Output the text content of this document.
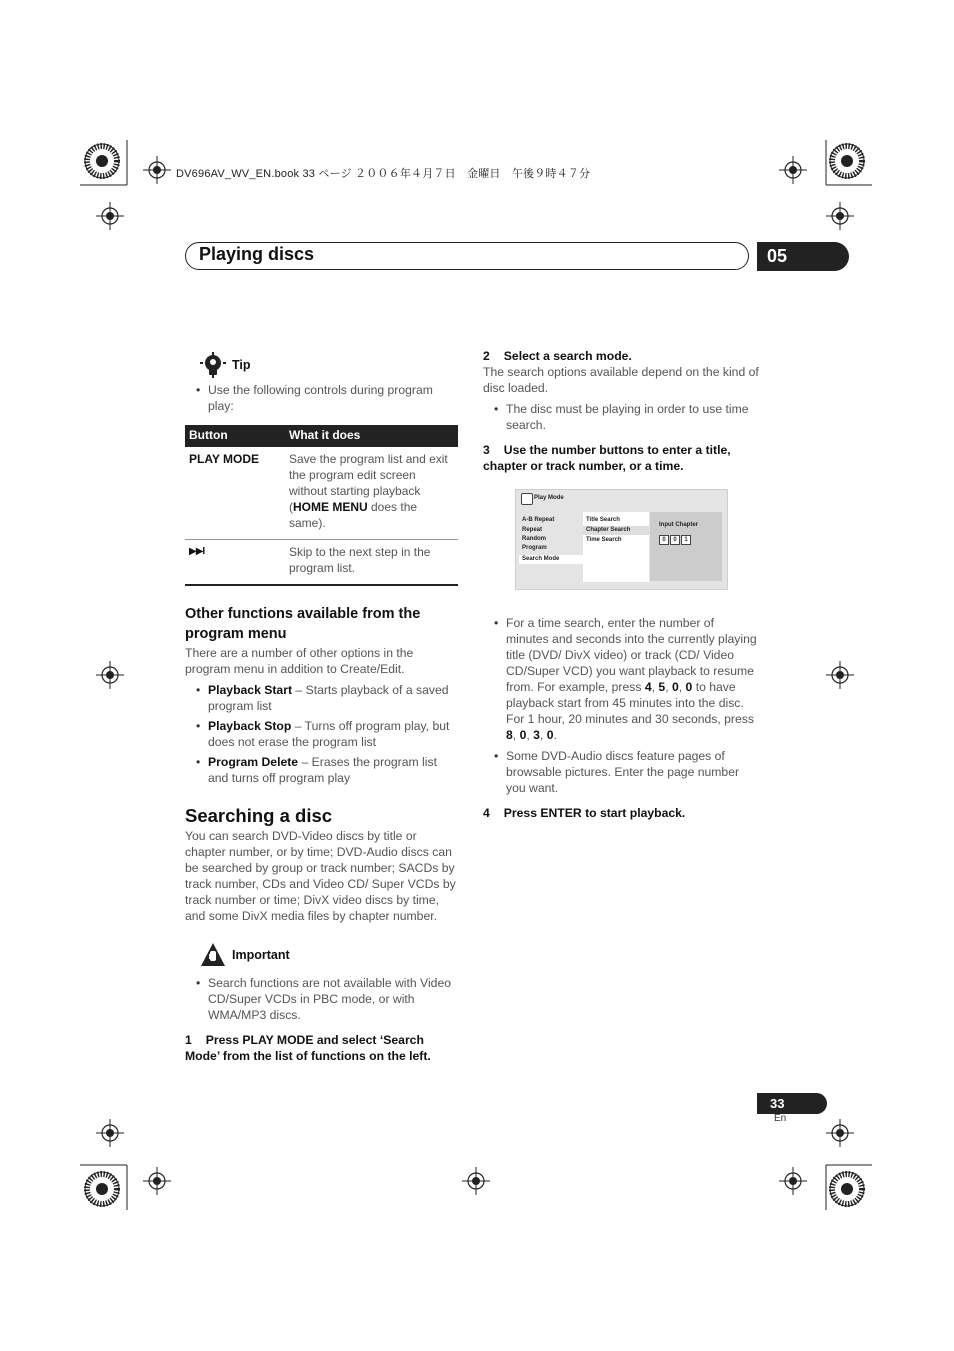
DV696AV_WV_EN.book 33 ページ ２００６年４月７日　金曜日　午後９時４７分
Playing discs	05
Tip
• Use the following controls during program play:
Button	What it does
PLAY MODE	Save the program list and exit the program edit screen without starting playback (HOME MENU does the same).
▶▶I	Skip to the next step in the program list.
Other functions available from the program menu

There are a number of other options in the program menu in addition to Create/Edit.

• Playback Start – Starts playback of a saved program list
• Playback Stop – Turns off program play, but does not erase the program list
• Program Delete – Erases the program list and turns off program play
Searching a disc

You can search DVD-Video discs by title or chapter number, or by time; DVD-Audio discs can be searched by group or track number; SACDs by track number, CDs and Video CD/ Super VCDs by track number or time; DivX video discs by time, and some DivX media files by chapter number.

Important
• Search functions are not available with Video CD/Super VCDs in PBC mode, or with WMA/MP3 discs.

1 Press PLAY MODE and select ‘Search Mode’ from the list of functions on the left.

2 Select a search mode.

The search options available depend on the kind of disc loaded.

• The disc must be playing in order to use time search.

3 Use the number buttons to enter a title, chapter or track number, or a time.

• For a time search, enter the number of minutes and seconds into the currently playing title (DVD/ DivX video) or track (CD/ Video CD/Super VCD) you want playback to resume from. For example, press 4, 5, 0, 0 to have playback start from 45 minutes into the disc. For 1 hour, 20 minutes and 30 seconds, press 8, 0, 3, 0.
• Some DVD-Audio discs feature pages of browsable pictures. Enter the page number you want.

4 Press ENTER to start playback.

Play Mode
A-B Repeat
Repeat
Random
Program
Search Mode
Title Search
Chapter Search
Time Search
Input Chapter
0	0	1
33
En
